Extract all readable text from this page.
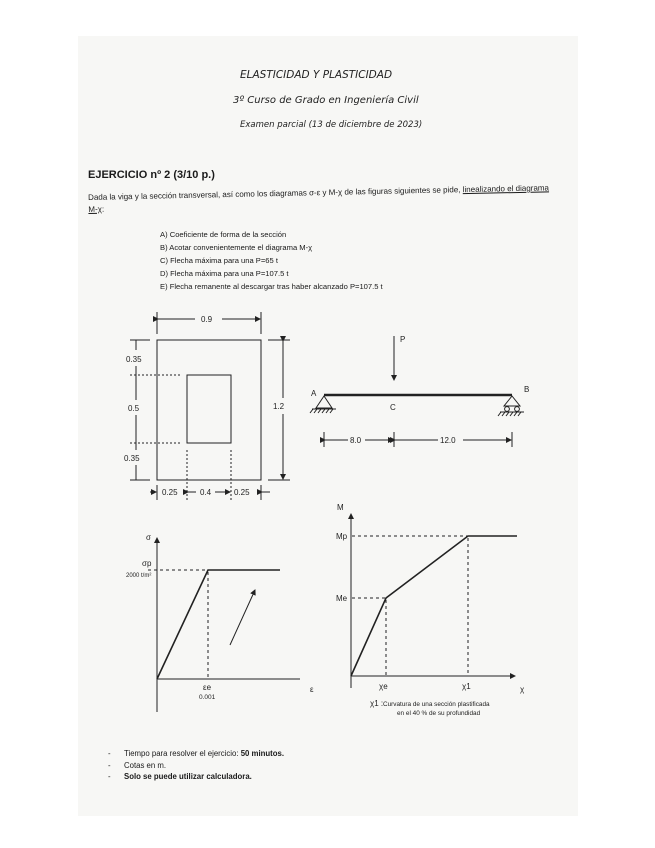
ELASTICIDAD Y PLASTICIDAD
3º Curso de Grado en Ingeniería Civil
Examen parcial (13 de diciembre de 2023)
EJERCICIO nº 2 (3/10 p.)
Dada la viga y la sección transversal, así como los diagramas σ-ε y M-χ de las figuras siguientes se pide, linealizando el diagrama M-χ:
A) Coeficiente de forma de la sección
B) Acotar convenientemente el diagrama M-χ
C) Flecha máxima para una P=65 t
D) Flecha máxima para una P=107.5 t
E) Flecha remanente al descargar tras haber alcanzado P=107.5 t
0.9
0.35
0.5
0.35
1.2
0.25	0.4	0.25
P
A	B
C
8.0	12.0
σ
ε
σp
2000 t/m²
εe
0.001
M
χ
Mp
Me
χe	χ1
χ1 : Curvatura de una sección plastificada
en el 40 % de su profundidad
- Tiempo para resolver el ejercicio: 50 minutos.
- Cotas en m.
- Solo se puede utilizar calculadora.
